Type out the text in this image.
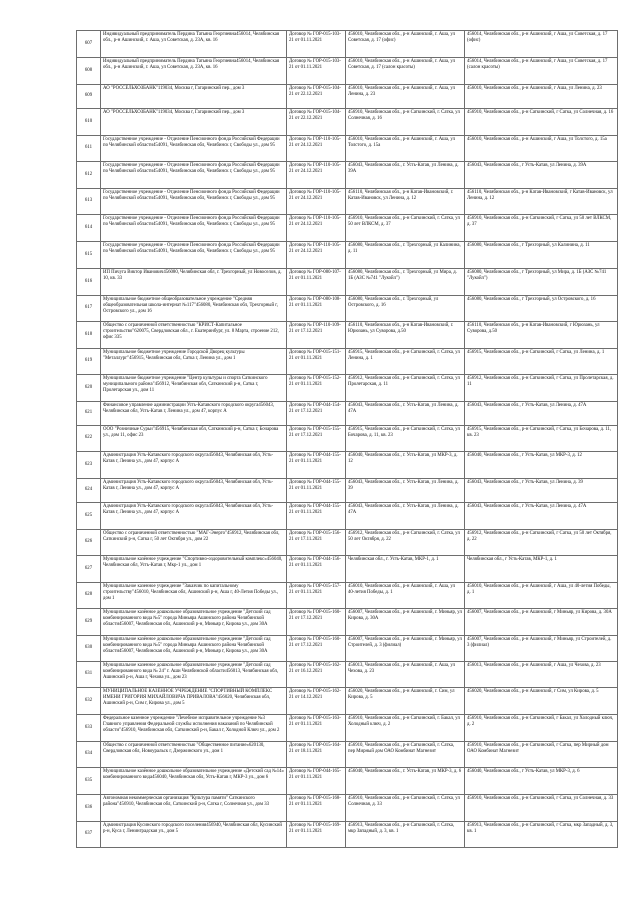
607	Индивидуальный предприниматель Пердина Татьяна Георгиевна456014, Челябинская обл., р-н Ашинский, г. Аша, ул Советская, д. 23А, кв. 16	Договор № ГОР-015-103-21 от 01.11.2021	456010, Челябинская обл., р-н Ашинский, г. Аша, ул Советская, д. 17 (офис)	456014, Челябинская обл., р-н Ашинский, г Аша, ул Советская, д. 17 (офис)
608	Индивидуальный предприниматель Пердина Татьяна Георгиевна456014, Челябинская обл., р-н Ашинский, г. Аша, ул Советская, д. 23А, кв. 16	Договор № ГОР-015-103-21 от 01.11.2021	456010, Челябинская обл., р-н Ашинский, г. Аша, ул Советская, д. 17 (салон красоты)	456014, Челябинская обл., р-н Ашинский, г Аша, ул Советская, д. 17 (салон красоты)
609	АО "РОССЕЛЬХОЗБАНК"119034, Москва г, Гагаринский пер., дом 3	Договор № ГОР-015-104-21 от 22.12.2021	456010, Челябинская обл., р-н Ашинский, г. Аша, ул Ленина, д. 23	456010, Челябинская обл., р-н Ашинский, г Аша, ул Ленина, д. 23
610	АО "РОССЕЛЬХОЗБАНК"119034, Москва г, Гагаринский пер., дом 3	Договор № ГОР-015-104-21 от 22.12.2021	456910, Челябинская обл., р-н Саткинский, г. Сатка, ул Солнечная, д. 16	456910, Челябинская обл., р-н Саткинский, г Сатка, ул Солнечная, д. 16
611	Государственное учреждение - Отделение Пенсионного фонда Российской Федерации по Челябинской области454091, Челябинская обл, Челябинск г, Свободы ул., дом 95	Договор № ГОР-110-105-21 от 24.12.2021	456010, Челябинская обл., р-н Ашинский, г. Аша, ул Толстого, д. 15а	456010, Челябинская обл., р-н Ашинский, г Аша, ул Толстого, д. 15а
612	Государственное учреждение - Отделение Пенсионного фонда Российской Федерации по Челябинской области454091, Челябинская обл, Челябинск г, Свободы ул., дом 95	Договор № ГОР-110-105-21 от 24.12.2021	456043, Челябинская обл., г. Усть-Катав, ул Ленина, д. 39А	456043, Челябинская обл., г Усть-Катав, ул Ленина, д. 39А
613	Государственное учреждение - Отделение Пенсионного фонда Российской Федерации по Челябинской области454091, Челябинская обл, Челябинск г, Свободы ул., дом 95	Договор № ГОР-110-105-21 от 24.12.2021	456110, Челябинская обл., р-н Катав-Ивановский, г. Катав-Ивановск, ул Ленина, д. 12	456110, Челябинская обл., р-н Катав-Ивановский, г Катав-Ивановск, ул Ленина, д. 12
614	Государственное учреждение - Отделение Пенсионного фонда Российской Федерации по Челябинской области454091, Челябинская обл, Челябинск г, Свободы ул., дом 95	Договор № ГОР-110-105-21 от 24.12.2021	456910, Челябинская обл., р-н Саткинский, г. Сатка, ул 50 лет ВЛКСМ, д. 37	456910, Челябинская обл., р-н Саткинский, г Сатка, ул 50 лет ВЛКСМ, д. 37
615	Государственное учреждение - Отделение Пенсионного фонда Российской Федерации по Челябинской области454091, Челябинская обл, Челябинск г, Свободы ул., дом 95	Договор № ГОР-110-105-21 от 24.12.2021	456080, Челябинская обл., г. Трехгорный, ул Калинина, д. 11	456080, Челябинская обл., г Трехгорный, ул Калинина, д. 11
616	ИП Пичуга Виктор Иванович456080, Челябинская обл, г. Трехгорный, ул Новоселов, д. 10, кв. 33	Договор № ГОР-080-107-21 от 01.11.2021	456080, Челябинская обл., г. Трехгорный, ул Мира, д. 1Б (АЗС №741 "Лукойл")	456080, Челябинская обл., г Трехгорный, ул Мира, д. 1Б (АЗС №741 "Лукойл")
617	Муниципальное бюджетное общеобразовательное учреждение "Средняя общеобразовательная школа-интернат №117"456080, Челябинская обл, Трехгорный г, Островского ул., дом 16	Договор № ГОР-080-108-21 от 01.11.2021	456080, Челябинская обл., г. Трехгорный, ул Островского, д. 16	456080, Челябинская обл., г Трехгорный, ул Островского, д. 16
618	Общество с ограниченной ответственностью "КРИСТ-Капитальное строительство"620075, Свердловская обл., г. Екатеринбург, ул. 8 Марта, строение 212, офис 335	Договор № ГОР-110-109-21 от 17.12.2021	456110, Челябинская обл., р-н Катав-Ивановский, г. Юрюзань, ул Суворова, д.50	456110, Челябинская обл., р-н Катав-Ивановский, г Юрюзань, ул Суворова, д.50
619	Муниципальное бюджетное учреждение Городской Дворец культуры "Металлург"456915, Челябинская обл, Сатка г, Ленина ул., дом 1	Договор № ГОР-015-151-21 от 01.11.2021	456915, Челябинская обл., р-н Саткинский, г. Сатка, ул Ленина, д. 1	456915, Челябинская обл., р-н Саткинский, г Сатка, ул Ленина, д. 1
620	Муниципальное бюджетное учреждение "Центр культуры и спорта Саткинского муниципального района"456912, Челябинская обл, Саткинский р-н, Сатка г, Пролетарская ул., дом 11	Договор № ГОР-015-152-21 от 01.11.2021	456912, Челябинская обл., р-н Саткинский, г. Сатка, ул Пролетарская, д. 11	456912, Челябинская обл., р-н Саткинский, г Сатка, ул Пролетарская, д. 11
621	Финансовое управление администрации Усть-Катавского городского округа456043, Челябинская обл, Усть-Катав г, Ленина ул., дом 47, корпус А	Договор № ГОР-044-154-21 от 17.12.2021	456043, Челябинская обл., г. Усть-Катав, ул Ленина, д. 47А	456043, Челябинская обл., г Усть-Катав, ул Ленина, д. 47А
622	ООО "Розничные Сурьи"456915, Челябинская обл, Саткинский р-н, Сатка г, Бочарова ул., дом 11, офис 23	Договор № ГОР-015-155-21 от 17.12.2021	456915, Челябинская обл., р-н Саткинский, г. Сатка, ул Бочарова, д. 11, кв. 23	456915, Челябинская обл., р-н Саткинский, г Сатка, ул Бочарова, д. 11, кв. 23
623	Администрация Усть-Катавского городского округа456043, Челябинская обл, Усть-Катав г, Ленина ул., дом 47, корпус А	Договор № ГОР-044-155-21 от 01.11.2021	456040, Челябинская обл., г. Усть-Катав, ул МКР-3, д. 12	456040, Челябинская обл., г Усть-Катав, ул МКР-3, д. 12
624	Администрация Усть-Катавского городского округа456043, Челябинская обл, Усть-Катав г, Ленина ул., дом 47, корпус А	Договор № ГОР-044-155-21 от 01.11.2021	456043, Челябинская обл., г. Усть-Катав, ул Ленина, д. 39	456043, Челябинская обл., г Усть-Катав, ул Ленина, д. 39
625	Администрация Усть-Катавского городского округа456043, Челябинская обл, Усть-Катав г, Ленина ул., дом 47, корпус А	Договор № ГОР-044-155-21 от 01.11.2021	456043, Челябинская обл., г. Усть-Катав, ул Ленина, д. 47А	456043, Челябинская обл., г Усть-Катав, ул Ленина, д. 47А
626	Общество с ограниченной ответственностью "МАГ-Энерго"456912, Челябинская обл, Саткинский р-н, Сатка г, 50 лет Октября ул., дом 22	Договор № ГОР-015-156-21 от 17.11.2021	456912, Челябинская обл., р-н Саткинский, г. Сатка, ул 50 лет Октября, д. 22	456912, Челябинская обл., р-н Саткинский, г Сатка, ул 50 лет Октября, д. 22
627	Муниципальное казённое учреждение "Спортивно-оздоровительный комплекс»456040, Челябинская обл, Усть-Катав г, Мкр-1 ул., дом 1	Договор № ГОР-044-156-21 от 01.11.2021	Челябинская обл., г. Усть-Катав, МКР-1, д. 1	Челябинская обл., г Усть-Катав, МКР-1, д. 1
628	Муниципальное казенное учреждение "Заказчик по капитальному строительству"456010, Челябинская обл, Ашинский р-н, Аша г, 40-Летия Победы ул., дом 1	Договор № ГОР-015-157-21 от 01.11.2021	456010, Челябинская обл., р-н Ашинский, г. Аша, ул 40-летия Победы, д. 1	456010, Челябинская обл., р-н Ашинский, г Аша, ул 40-летия Победы, д. 1
629	Муниципальное казённое дошкольное образовательное учреждение "Детский сад комбинированного вида №5" города Миньяра Ашинского района Челябинской области456007, Челябинская обл, Ашинский р-н, Миньяр г, Кирова ул., дом 30А	Договор № ГОР-015-160-21 от 17.12.2021	456007, Челябинская обл., р-н Ашинский, г. Миньяр, ул Кирова, д. 30А	456007, Челябинская обл., р-н Ашинский, г Миньяр, ул Кирова, д. 30А
630	Муниципальное казённое дошкольное образовательное учреждение "Детский сад комбинированного вида №5" города Миньяра Ашинского района Челябинской области456007, Челябинская обл, Ашинский р-н, Миньяр г, Кирова ул., дом 30А	Договор № ГОР-015-160-21 от 17.12.2021	456007, Челябинская обл., р-н Ашинский, г. Миньяр, ул Строителей, д. 3 (филиал)	456007, Челябинская обл., р-н Ашинский, г Миньяр, ул Строителей, д. 3 (филиал)
631	Муниципальное казенное дошкольное образовательное учреждение "Детский сад комбинированного вида № 24" г. Аши Челябинской области456013, Челябинская обл, Ашинский р-н, Аша г, Чехова ул., дом 23	Договор № ГОР-015-162-21 от 16.12.2021	456013, Челябинская обл., р-н Ашинский, г. Аша, ул Чехова, д. 23	456013, Челябинская обл., р-н Ашинский, г Аша, ул Чехова, д. 23
632	МУНИЦИПАЛЬНОЕ КАЗЁННОЕ УЧРЕЖДЕНИЕ "СПОРТИВНЫЙ КОМПЛЕКС ИМЕНИ ГРИГОРИЯ МИХАЙЛОВИЧА ПРИВАЛОВА"456020, Челябинская обл, Ашинский р-н, Сим г, Кирова ул., дом 5	Договор № ГОР-015-162-21 от 14.12.2021	456020, Челябинская обл., р-н Ашинский, г. Сим, ул Кирова, д. 5	456020, Челябинская обл., р-н Ашинский, г Сим, ул Кирова, д. 5
633	Федеральное казенное учреждение "Лечебное исправительное учреждение №3 Главного управления Федеральной службы исполнения наказаний по Челябинской области"456910, Челябинская обл, Саткинский р-н, Бакал г, Холодной Ключ ул., дом 2	Договор № ГОР-015-163-21 от 01.11.2021	456910, Челябинская обл., р-н Саткинский, г. Бакал, ул Холодный ключ, д. 2	456910, Челябинская обл., р-н Саткинский, г Бакал, ул Холодный ключ, д. 2
634	Общество с ограниченной ответственностью "Общественное питание»620130, Свердловская обл, Новоуральск г, Дзержинского ул., дом 1	Договор № ГОР-015-164-21 от 18.11.2021	456910, Челябинская обл., р-н Саткинский, г. Сатка, пер Мирный дом ОАО Комбинат Магнезит	456910, Челябинская обл., р-н Саткинский, г Сатка, пер Мирный дом ОАО Комбинат Магнезит
635	Муниципальное казённое дошкольное образовательное учреждение «Детский сад №14» комбинированного вида456040, Челябинская обл, Усть-Катав г, МКР-3 ул., дом 6	Договор № ГОР-044-165-21 от 01.11.2021	456040, Челябинская обл., г. Усть-Катав, ул МКР-3, д. 6	456040, Челябинская обл., г Усть-Катав, ул МКР-3, д. 6
636	Автономная некоммерческая организация "Культура памяти" Саткинского района"456910, Челябинская обл, Саткинский р-н, Сатка г, Солнечная ул., дом 33	Договор № ГОР-015-168-21 от 01.11.2021	456910, Челябинская обл., р-н Саткинский, г. Сатка, ул Солнечная, д. 33	456910, Челябинская обл., р-н Саткинский, г Сатка, ул Солнечная, д. 33
637	Администрация Кусинского городского поселения456940, Челябинская обл, Кусинский р-н, Куса г, Ленинградская ул., дом 5	Договор № ГОР-015-169-21 от 01.11.2021	456913, Челябинская обл., р-н Саткинский, г. Сатка, мкр Западный, д. 3, кв. 1	456913, Челябинская обл., р-н Саткинский, г Сатка, мкр Западный, д. 3, кв. 1
